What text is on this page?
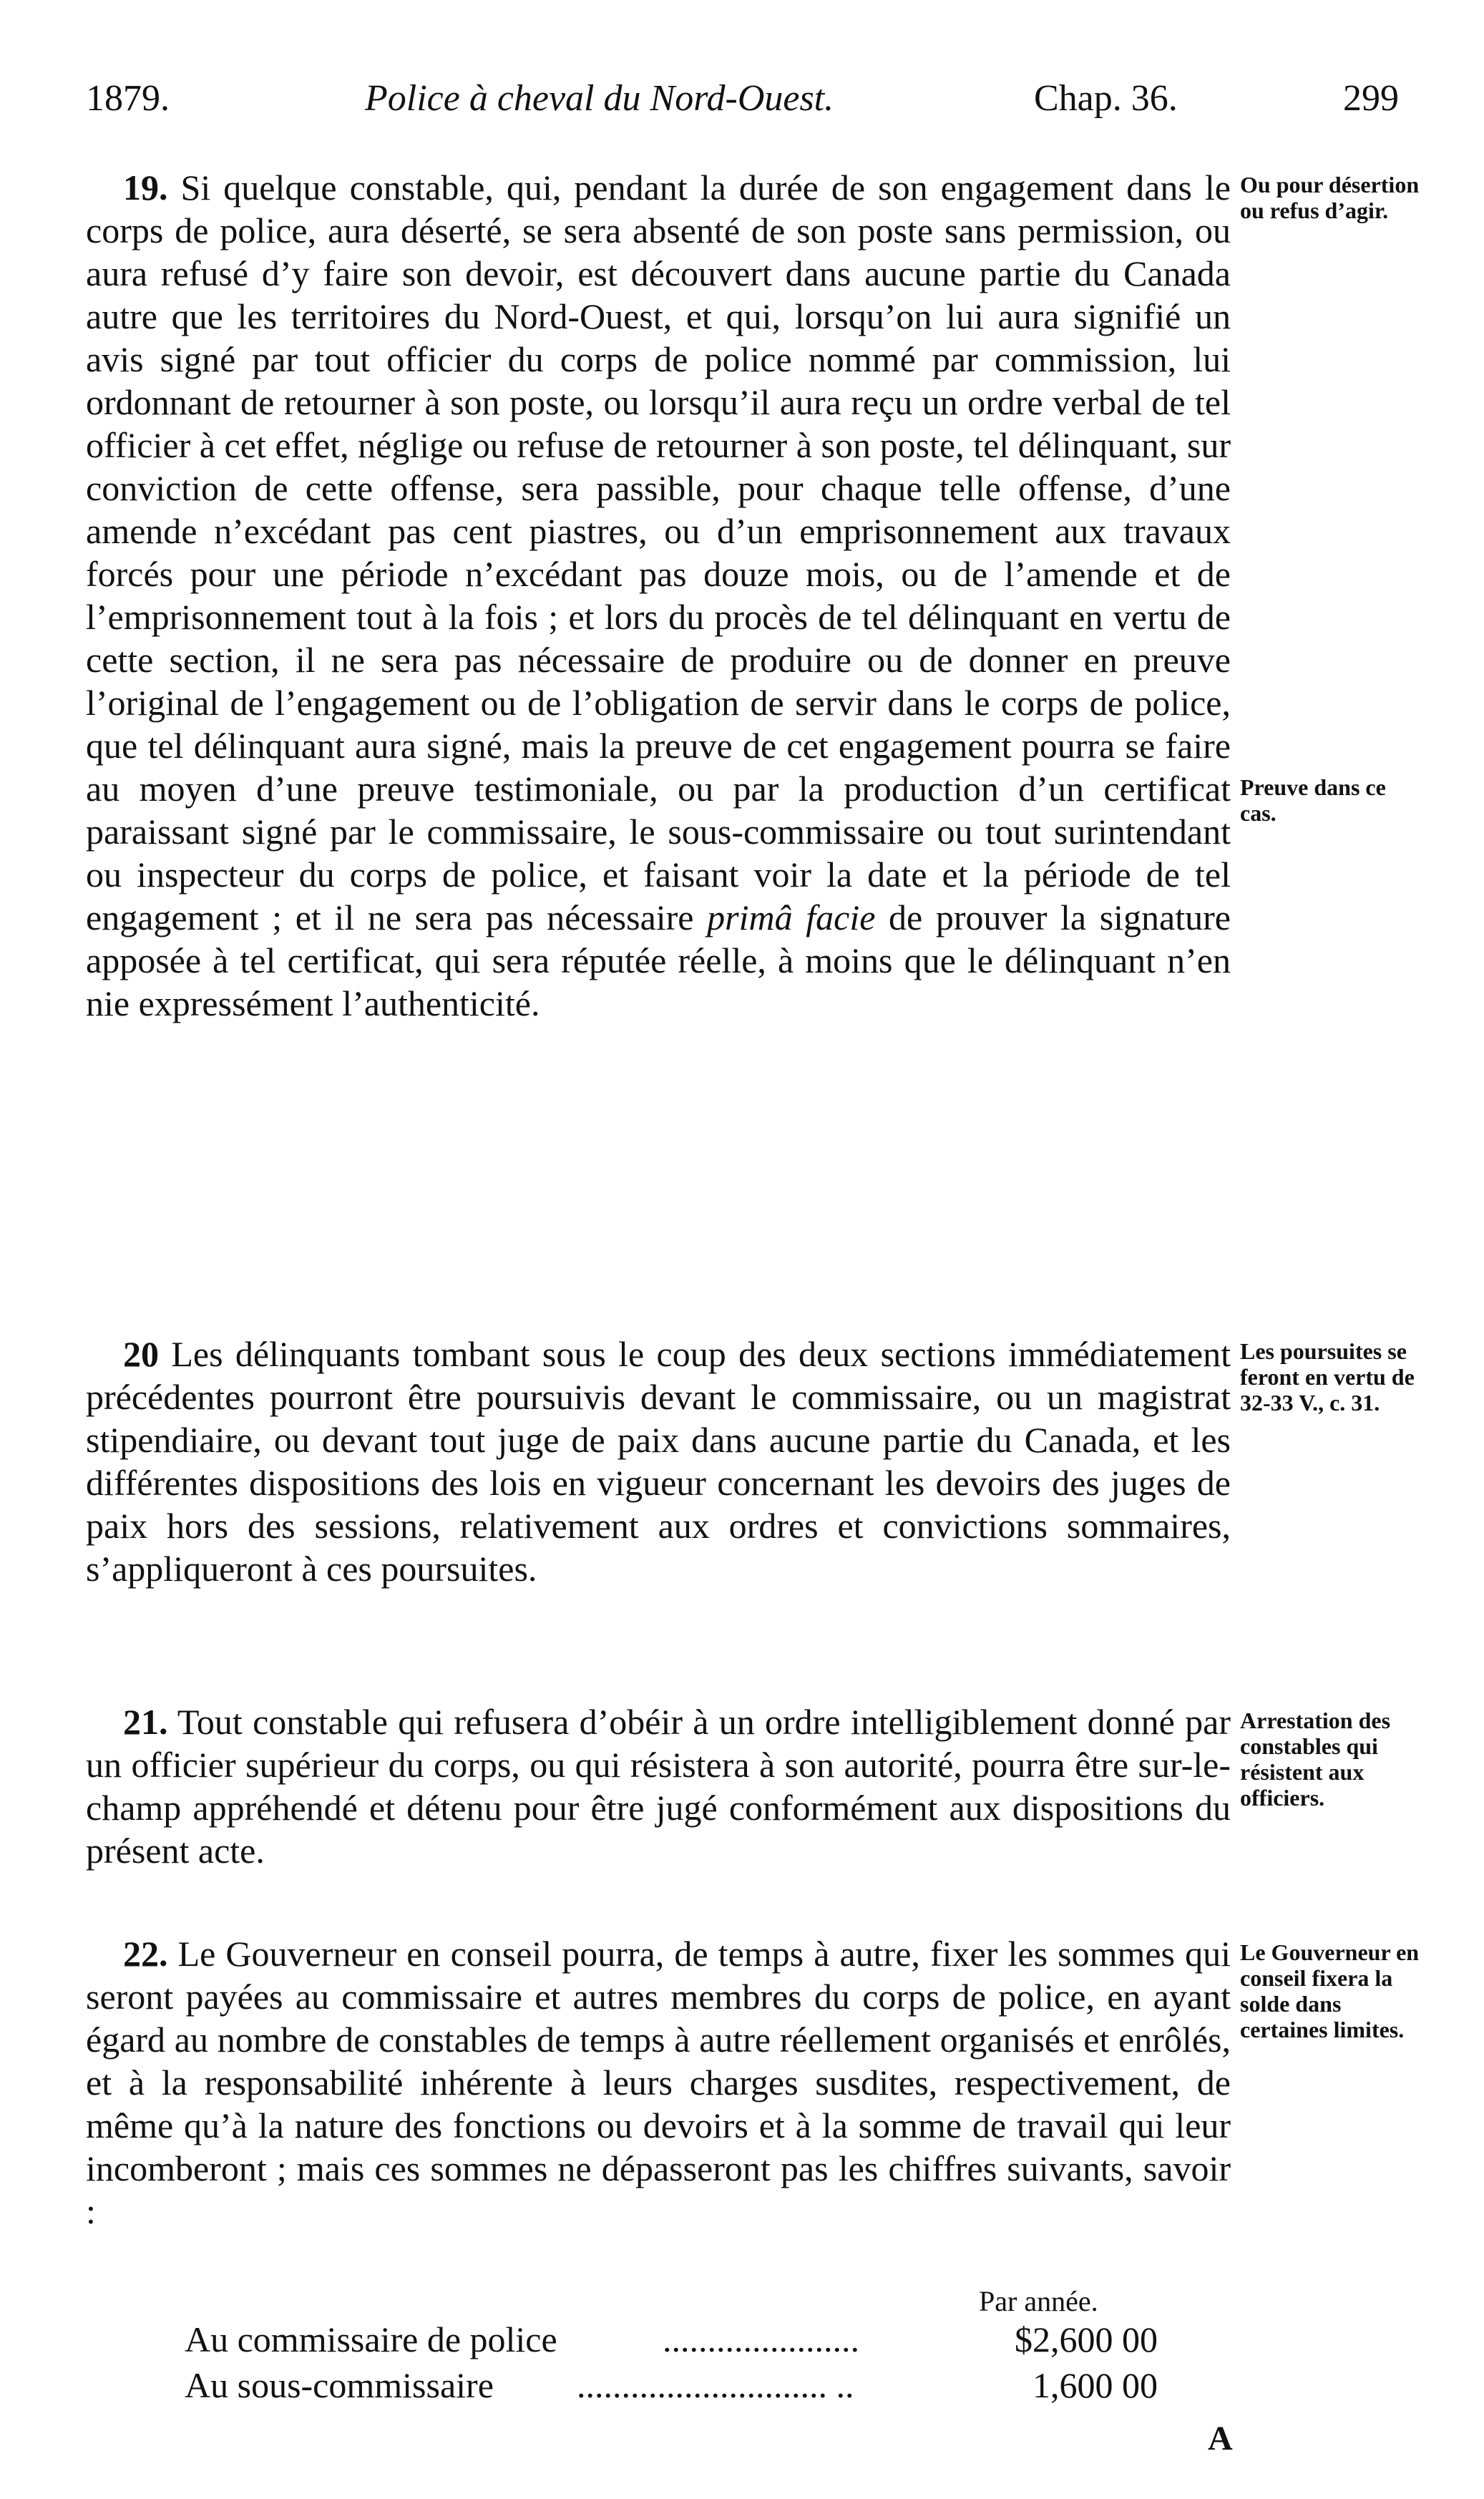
1879.	Police à cheval du Nord-Ouest.	Chap. 36.	299

19. Si quelque constable, qui, pendant la durée de son engagement dans le corps de police, aura déserté, se sera absenté de son poste sans permission, ou aura refusé d’y faire son devoir, est découvert dans aucune partie du Canada autre que les territoires du Nord-Ouest, et qui, lorsqu’on lui aura signifié un avis signé par tout officier du corps de police nommé par commission, lui ordonnant de retourner à son poste, ou lorsqu’il aura reçu un ordre verbal de tel officier à cet effet, néglige ou refuse de retourner à son poste, tel délinquant, sur conviction de cette offense, sera passible, pour chaque telle offense, d’une amende n’excédant pas cent piastres, ou d’un emprisonnement aux travaux forcés pour une période n’excédant pas douze mois, ou de l’amende et de l’emprisonnement tout à la fois ; et lors du procès de tel délinquant en vertu de cette section, il ne sera pas nécessaire de produire ou de donner en preuve l’original de l’engagement ou de l’obligation de servir dans le corps de police, que tel délinquant aura signé, mais la preuve de cet engagement pourra se faire au moyen d’une preuve testimoniale, ou par la production d’un certificat paraissant signé par le commissaire, le sous-commissaire ou tout surintendant ou inspecteur du corps de police, et faisant voir la date et la période de tel engagement ; et il ne sera pas nécessaire primâ facie de prouver la signature apposée à tel certificat, qui sera réputée réelle, à moins que le délinquant n’en nie expressément l’authenticité.

Ou pour désertion ou refus d’agir.
Preuve dans ce cas.

20 Les délinquants tombant sous le coup des deux sections immédiatement précédentes pourront être poursuivis devant le commissaire, ou un magistrat stipendiaire, ou devant tout juge de paix dans aucune partie du Canada, et les différentes dispositions des lois en vigueur concernant les devoirs des juges de paix hors des sessions, relativement aux ordres et convictions sommaires, s’appliqueront à ces poursuites.

Les poursuites se feront en vertu de 32-33 V., c. 31.

21. Tout constable qui refusera d’obéir à un ordre intelligiblement donné par un officier supérieur du corps, ou qui résistera à son autorité, pourra être sur-le-champ appréhendé et détenu pour être jugé conformément aux dispositions du présent acte.

Arrestation des constables qui résistent aux officiers.

22. Le Gouverneur en conseil pourra, de temps à autre, fixer les sommes qui seront payées au commissaire et autres membres du corps de police, en ayant égard au nombre de constables de temps à autre réellement organisés et enrôlés, et à la responsabilité inhérente à leurs charges susdites, respectivement, de même qu’à la nature des fonctions ou devoirs et à la somme de travail qui leur incomberont ; mais ces sommes ne dépasseront pas les chiffres suivants, savoir :

Le Gouverneur en conseil fixera la solde dans certaines limites.
Par année.
Au commissaire de police	......................	$2,600 00
Au sous-commissaire ............................ ..	1,600 00
A
